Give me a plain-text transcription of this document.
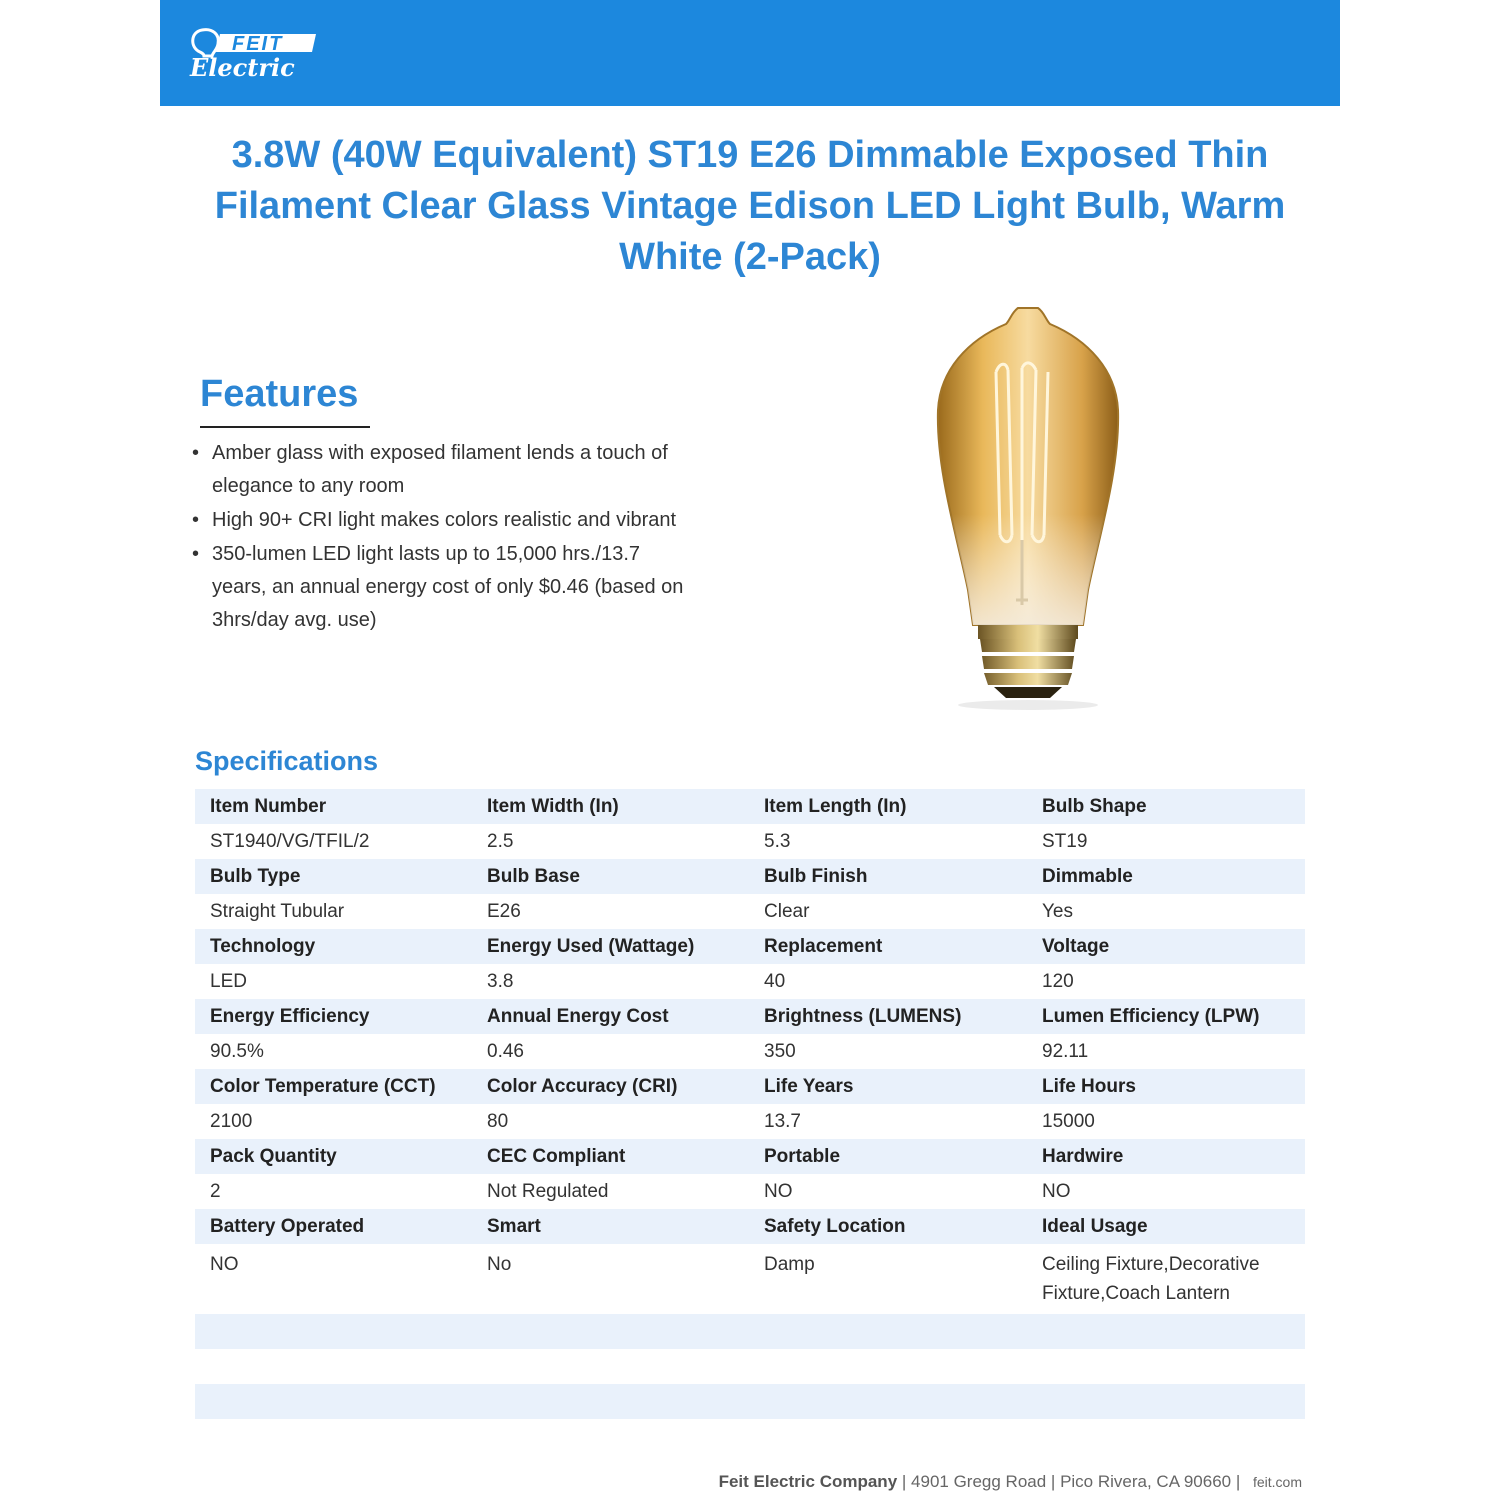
FEIT
Electric
3.8W (40W Equivalent) ST19 E26 Dimmable Exposed Thin Filament Clear Glass Vintage Edison LED Light Bulb, Warm White (2-Pack)
Features
• Amber glass with exposed filament lends a touch of elegance to any room
• High 90+ CRI light makes colors realistic and vibrant
• 350-lumen LED light lasts up to 15,000 hrs./13.7 years, an annual energy cost of only $0.46 (based on 3hrs/day avg. use)
Specifications
Item Number	Item Width (In)	Item Length (In)	Bulb Shape
ST1940/VG/TFIL/2	2.5	5.3	ST19
Bulb Type	Bulb Base	Bulb Finish	Dimmable
Straight Tubular	E26	Clear	Yes
Technology	Energy Used (Wattage)	Replacement	Voltage
LED	3.8	40	120
Energy Efficiency	Annual Energy Cost	Brightness (LUMENS)	Lumen Efficiency (LPW)
90.5%	0.46	350	92.11
Color Temperature (CCT)	Color Accuracy (CRI)	Life Years	Life Hours
2100	80	13.7	15000
Pack Quantity	CEC Compliant	Portable	Hardwire
2	Not Regulated	NO	NO
Battery Operated	Smart	Safety Location	Ideal Usage
NO	No	Damp	Ceiling Fixture,Decorative Fixture,Coach Lantern

Feit Electric Company | 4901 Gregg Road | Pico Rivera, CA 90660 | feit.com
